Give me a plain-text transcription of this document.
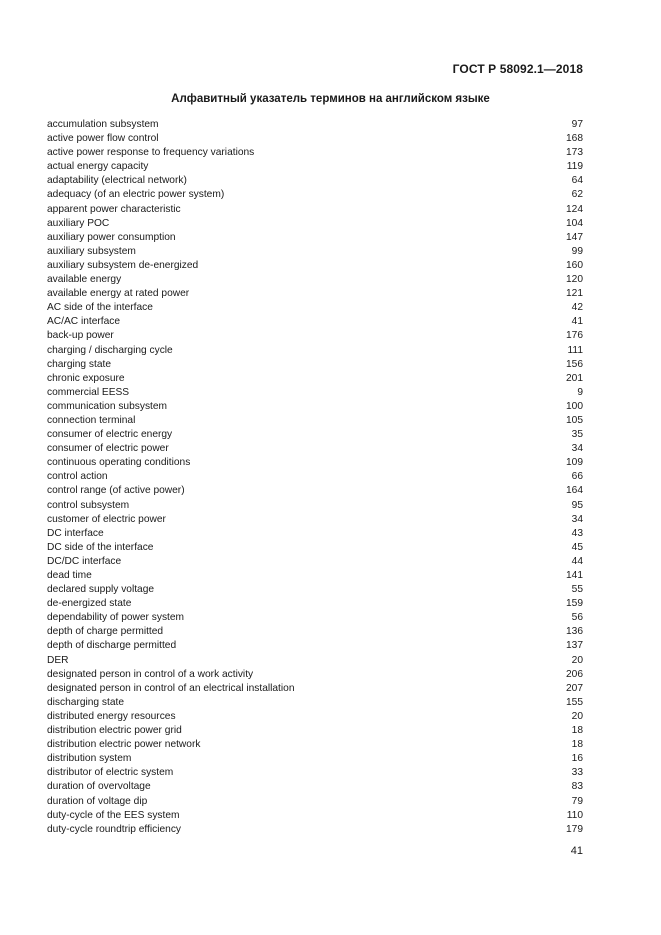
ГОСТ Р 58092.1—2018
Алфавитный указатель терминов на английском языке
accumulation subsystem	97
active power flow control	168
active power response to frequency variations	173
actual energy capacity	119
adaptability (electrical network)	64
adequacy (of an electric power system)	62
apparent power characteristic	124
auxiliary POC	104
auxiliary power consumption	147
auxiliary subsystem	99
auxiliary subsystem de-energized	160
available energy	120
available energy at rated power	121
AC side of the interface	42
AC/AC interface	41
back-up power	176
charging / discharging cycle	111
charging state	156
chronic exposure	201
commercial EESS	9
communication subsystem	100
connection terminal	105
consumer of electric energy	35
consumer of electric power	34
continuous operating conditions	109
control action	66
control range (of active power)	164
control subsystem	95
customer of electric power	34
DC interface	43
DC side of the interface	45
DC/DC interface	44
dead time	141
declared supply voltage	55
de-energized state	159
dependability of power system	56
depth of charge permitted	136
depth of discharge permitted	137
DER	20
designated person in control of a work activity	206
designated person in control of an electrical installation	207
discharging state	155
distributed energy resources	20
distribution electric power grid	18
distribution electric power network	18
distribution system	16
distributor of electric system	33
duration of overvoltage	83
duration of voltage dip	79
duty-cycle of the EES system	110
duty-cycle roundtrip efficiency	179
41
